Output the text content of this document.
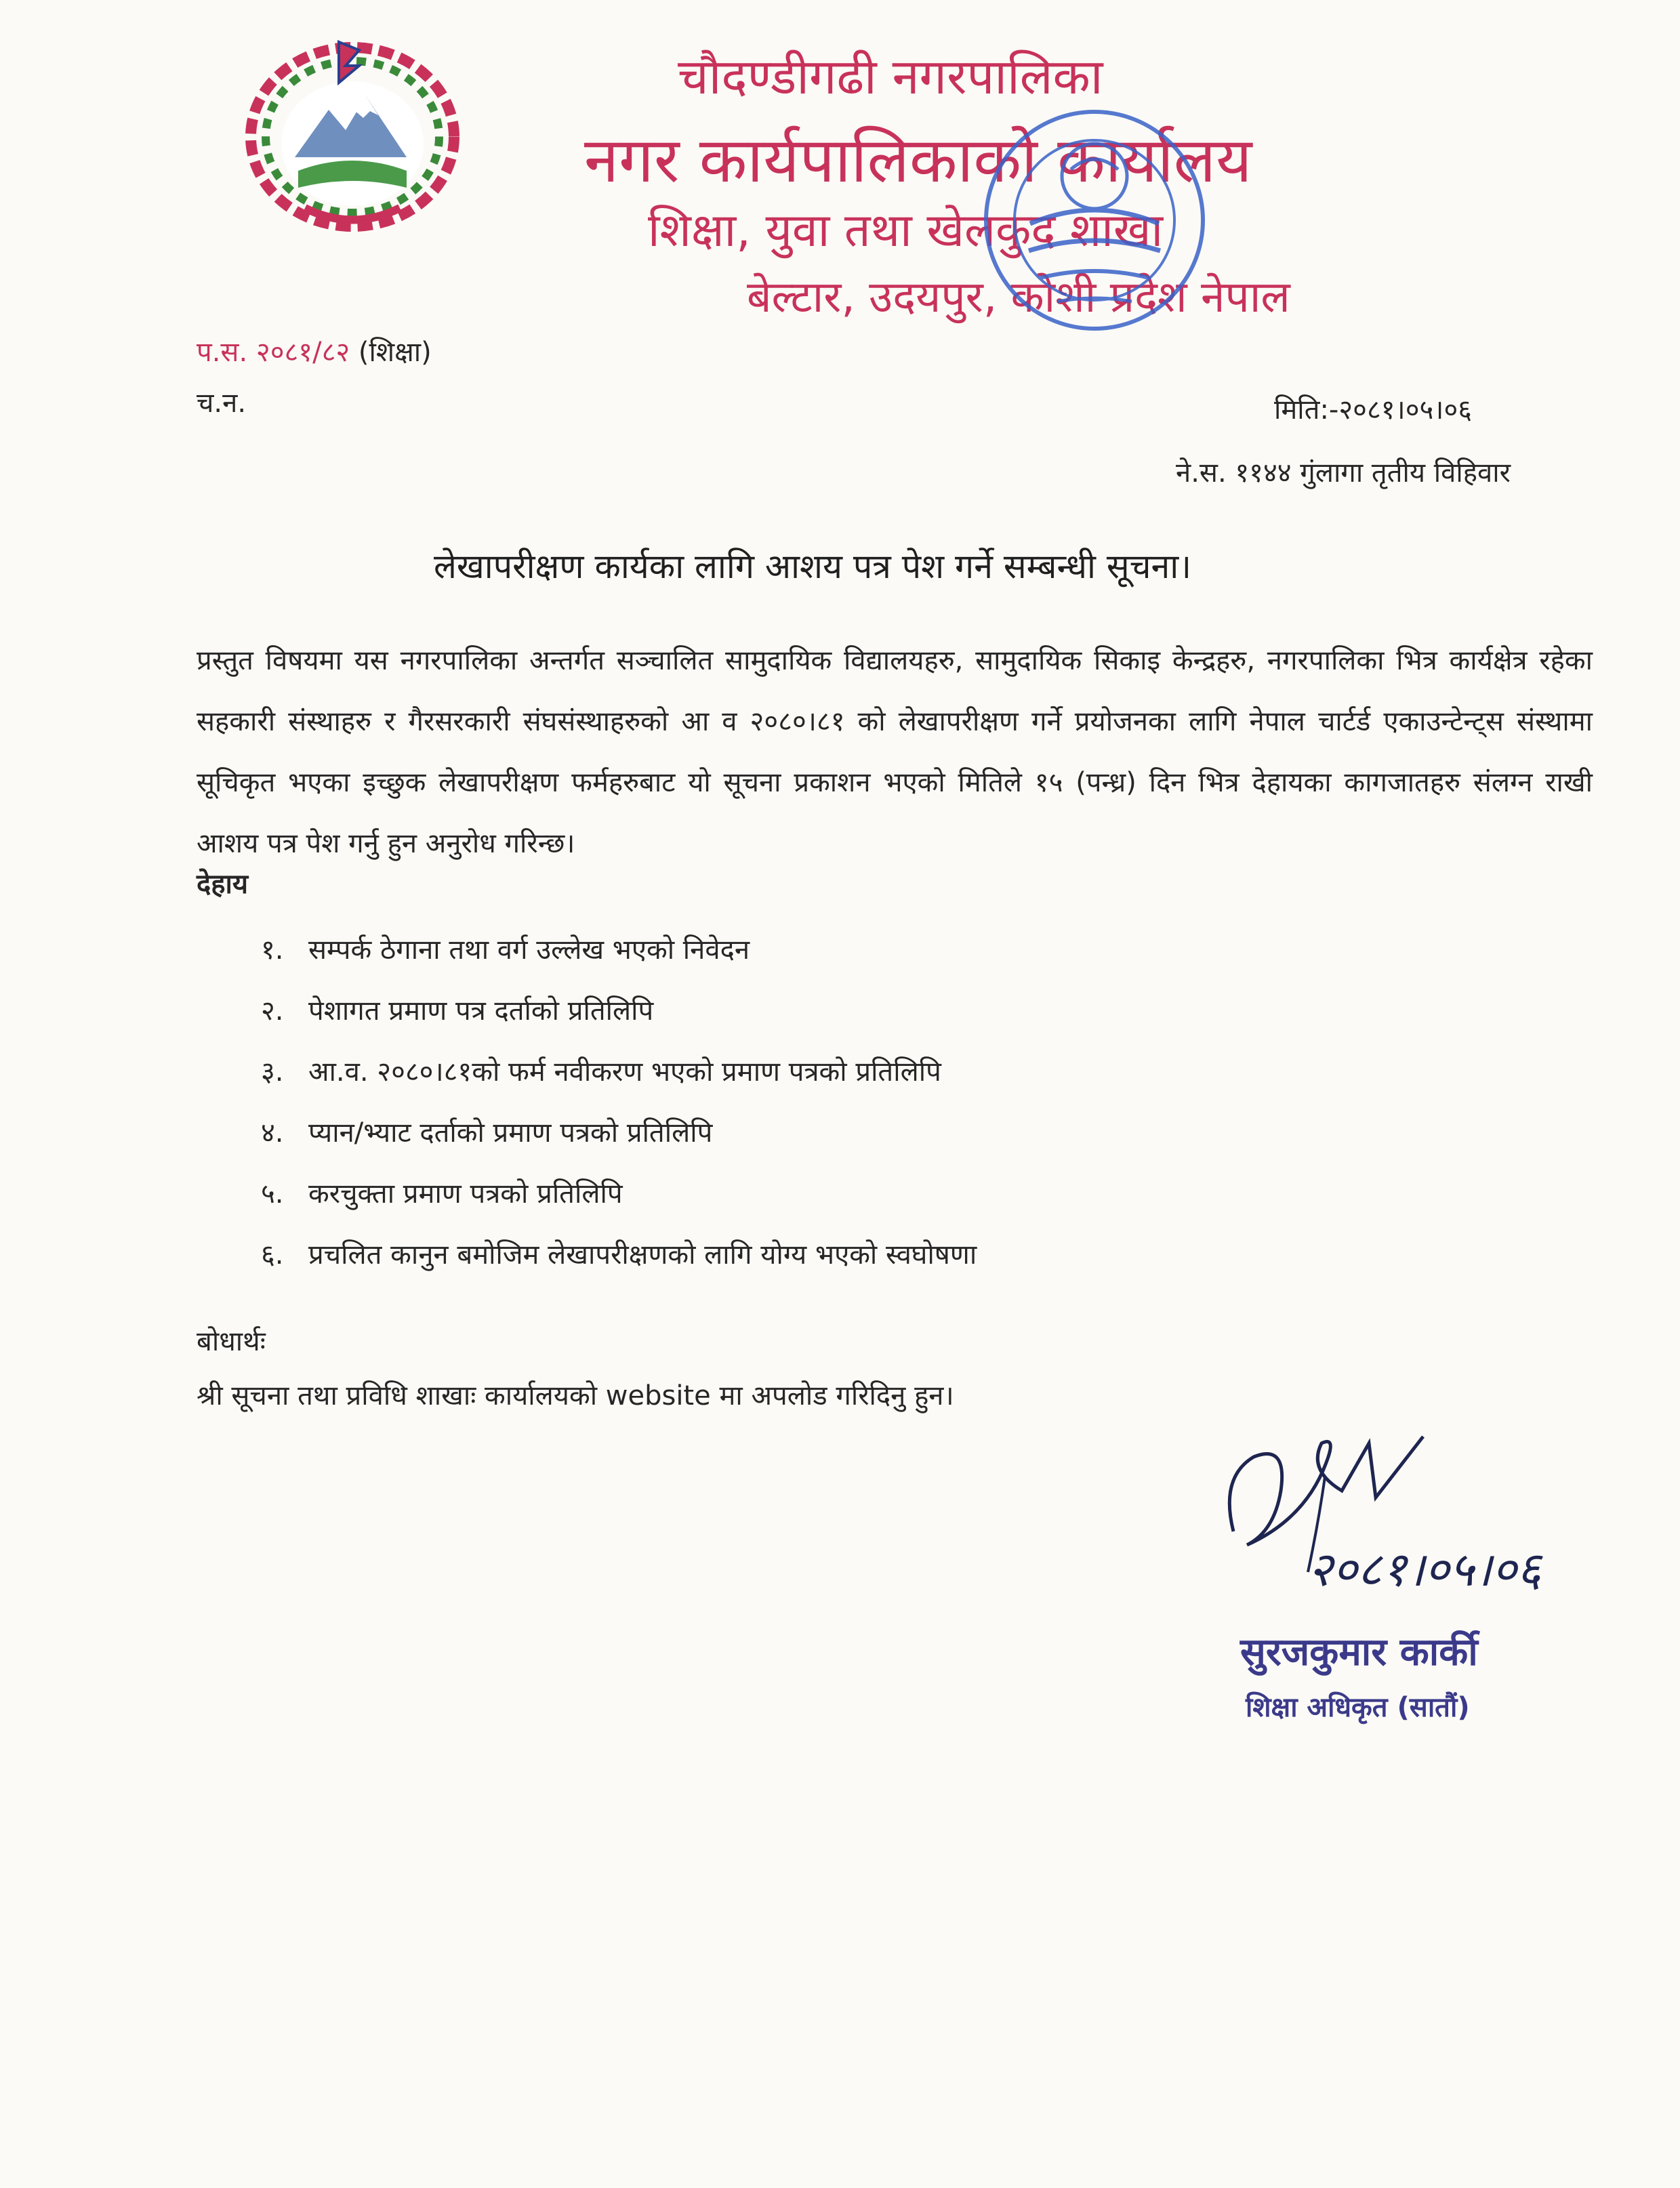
चौदण्डीगढी नगरपालिका
नगर कार्यपालिकाको कार्यालय
शिक्षा, युवा तथा खेलकुद शाखा
बेल्टार, उदयपुर, कोशी प्रदेश नेपाल
प.स. २०८१/८२ (शिक्षा)
च.न.	मिति:-२०८१।०५।०६
ने.स. ११४४ गुंलागा तृतीय विहिवार
लेखापरीक्षण कार्यका लागि आशय पत्र पेश गर्ने सम्बन्धी सूचना।

प्रस्तुत विषयमा यस नगरपालिका अन्तर्गत सञ्चालित सामुदायिक विद्यालयहरु, सामुदायिक सिकाइ केन्द्रहरु, नगरपालिका भित्र कार्यक्षेत्र रहेका सहकारी संस्थाहरु र गैरसरकारी संघसंस्थाहरुको आ व २०८०।८१ को लेखापरीक्षण गर्ने प्रयोजनका लागि नेपाल चार्टर्ड एकाउन्टेन्ट्स संस्थामा सूचिकृत भएका इच्छुक लेखापरीक्षण फर्महरुबाट यो सूचना प्रकाशन भएको मितिले १५ (पन्ध्र) दिन भित्र देहायका कागजातहरु संलग्न राखी आशय पत्र पेश गर्नु हुन अनुरोध गरिन्छ।

देहाय
१. सम्पर्क ठेगाना तथा वर्ग उल्लेख भएको निवेदन
२. पेशागत प्रमाण पत्र दर्ताको प्रतिलिपि
३. आ.व. २०८०।८१को फर्म नवीकरण भएको प्रमाण पत्रको प्रतिलिपि
४. प्यान/भ्याट दर्ताको प्रमाण पत्रको प्रतिलिपि
५. करचुक्ता प्रमाण पत्रको प्रतिलिपि
६. प्रचलित कानुन बमोजिम लेखापरीक्षणको लागि योग्य भएको स्वघोषणा
बोधार्थः
श्री सूचना तथा प्रविधि शाखाः कार्यालयको website मा अपलोड गरिदिनु हुन।
२०८१।०५।०६
सुरजकुमार कार्की
शिक्षा अधिकृत (सातौं)
